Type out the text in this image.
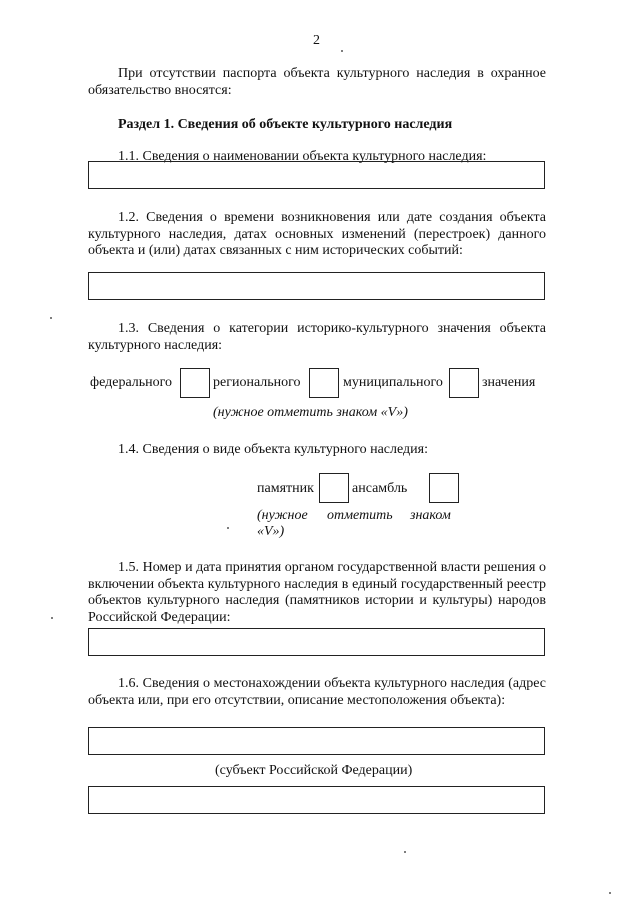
2
При отсутствии паспорта объекта культурного наследия в охранное обязательство вносятся:
Раздел 1. Сведения об объекте культурного наследия
1.1. Сведения о наименовании объекта культурного наследия:
1.2. Сведения о времени возникновения или дате создания объекта культурного наследия, датах основных изменений (перестроек) данного объекта и (или) датах связанных с ним исторических событий:
1.3. Сведения о категории историко-культурного значения объекта культурного наследия:
федерального	регионального	муниципального	значения
(нужное отметить знаком «V»)
1.4. Сведения о виде объекта культурного наследия:
памятник	ансамбль
(нужное отметить знаком
«V»)
1.5. Номер и дата принятия органом государственной власти решения о включении объекта культурного наследия в единый государственный реестр объектов культурного наследия (памятников истории и культуры) народов Российской Федерации:
1.6. Сведения о местонахождении объекта культурного наследия (адрес объекта или, при его отсутствии, описание местоположения объекта):
(субъект Российской Федерации)
